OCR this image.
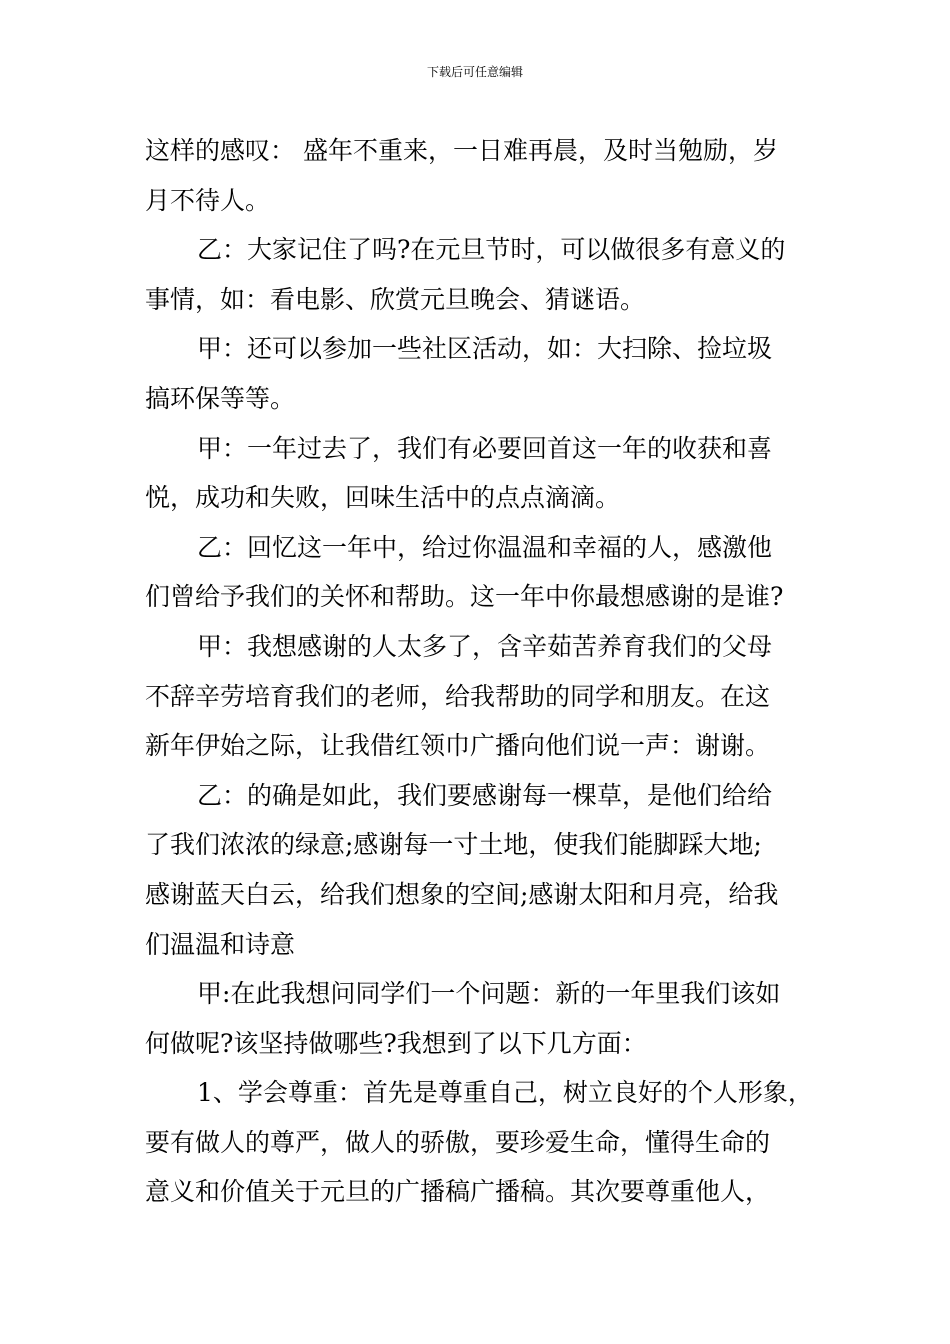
下载后可任意编辑
这样的感叹： 盛年不重来，一日难再晨，及时当勉励，岁
月不待人。
乙：大家记住了吗?在元旦节时，可以做很多有意义的
事情，如：看电影、欣赏元旦晚会、猜谜语。
甲：还可以参加一些社区活动，如：大扫除、捡垃圾
搞环保等等。
甲：一年过去了，我们有必要回首这一年的收获和喜
悦，成功和失败，回味生活中的点点滴滴。
乙：回忆这一年中，给过你温温和幸福的人，感激他
们曾给予我们的关怀和帮助。这一年中你最想感谢的是谁?
甲：我想感谢的人太多了，含辛茹苦养育我们的父母
不辞辛劳培育我们的老师，给我帮助的同学和朋友。在这
新年伊始之际，让我借红领巾广播向他们说一声：谢谢。
乙：的确是如此，我们要感谢每一棵草，是他们给给
了我们浓浓的绿意;感谢每一寸土地，使我们能脚踩大地;
感谢蓝天白云，给我们想象的空间;感谢太阳和月亮，给我
们温温和诗意
甲:在此我想问同学们一个问题：新的一年里我们该如
何做呢?该坚持做哪些?我想到了以下几方面：
1、学会尊重：首先是尊重自己，树立良好的个人形象，
要有做人的尊严，做人的骄傲，要珍爱生命，懂得生命的
意义和价值关于元旦的广播稿广播稿。其次要尊重他人，
